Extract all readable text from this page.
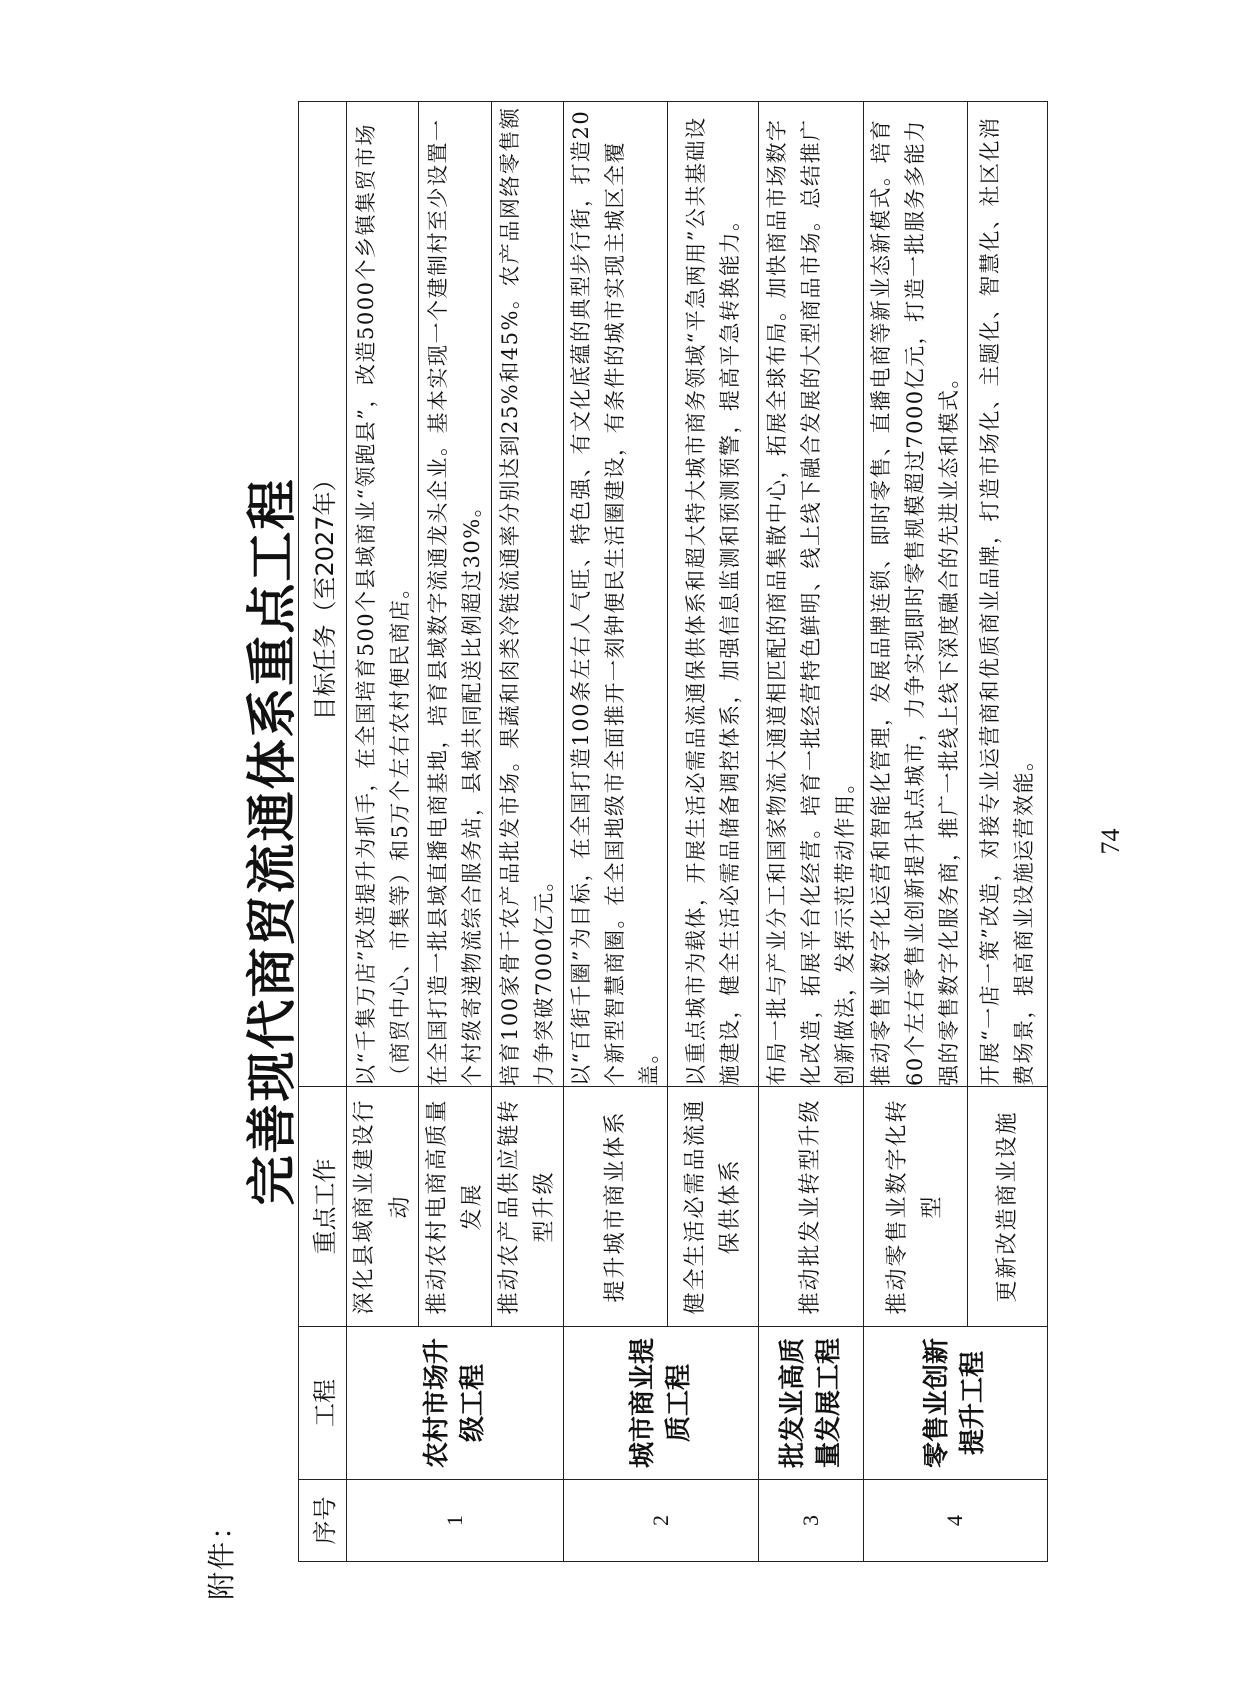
附件：
完善现代商贸流通体系重点工程
序号	工程	重点工作	目标任务（至2027年）
1	农村市场升级工程	深化县域商业建设行动	以“千集万店”改造提升为抓手，在全国培育500个县域商业“领跑县”，改造5000个乡镇集贸市场（商贸中心、市集等）和5万个左右农村便民商店。
		推动农村电商高质量发展	在全国打造一批县域直播电商基地，培育县域数字流通龙头企业。基本实现一个建制村至少设置一个村级寄递物流综合服务站，县域共同配送比例超过30%。
		推动农产品供应链转型升级	培育100家骨干农产品批发市场。果蔬和肉类冷链流通率分别达到25%和45%。农产品网络零售额力争突破7000亿元。
2	城市商业提质工程	提升城市商业体系	以“百街千圈”为目标，在全国打造100条左右人气旺、特色强、有文化底蕴的典型步行街，打造20个新型智慧商圈。在全国地级市全面推开一刻钟便民生活圈建设，有条件的城市实现主城区全覆盖。
		健全生活必需品流通保供体系	以重点城市为载体，开展生活必需品流通保供体系和超大特大城市商务领域“平急两用”公共基础设施建设，健全生活必需品储备调控体系，加强信息监测和预测预警，提高平急转换能力。
3	批发业高质量发展工程	推动批发业转型升级	布局一批与产业分工和国家物流大通道相匹配的商品集散中心，拓展全球布局。加快商品市场数字化改造，拓展平台化经营。培育一批经营特色鲜明、线上线下融合发展的大型商品市场。总结推广创新做法，发挥示范带动作用。
4	零售业创新提升工程	推动零售业数字化转型	推动零售业数字化运营和智能化管理，发展品牌连锁、即时零售、直播电商等新业态新模式。培育60个左右零售业创新提升试点城市，力争实现即时零售规模超过7000亿元，打造一批服务多能力强的零售数字化服务商，推广一批线上线下深度融合的先进业态和模式。
		更新改造商业设施	开展“一店一策”改造，对接专业运营商和优质商业品牌，打造市场化、主题化、智慧化、社区化消费场景，提高商业设施运营效能。 74
